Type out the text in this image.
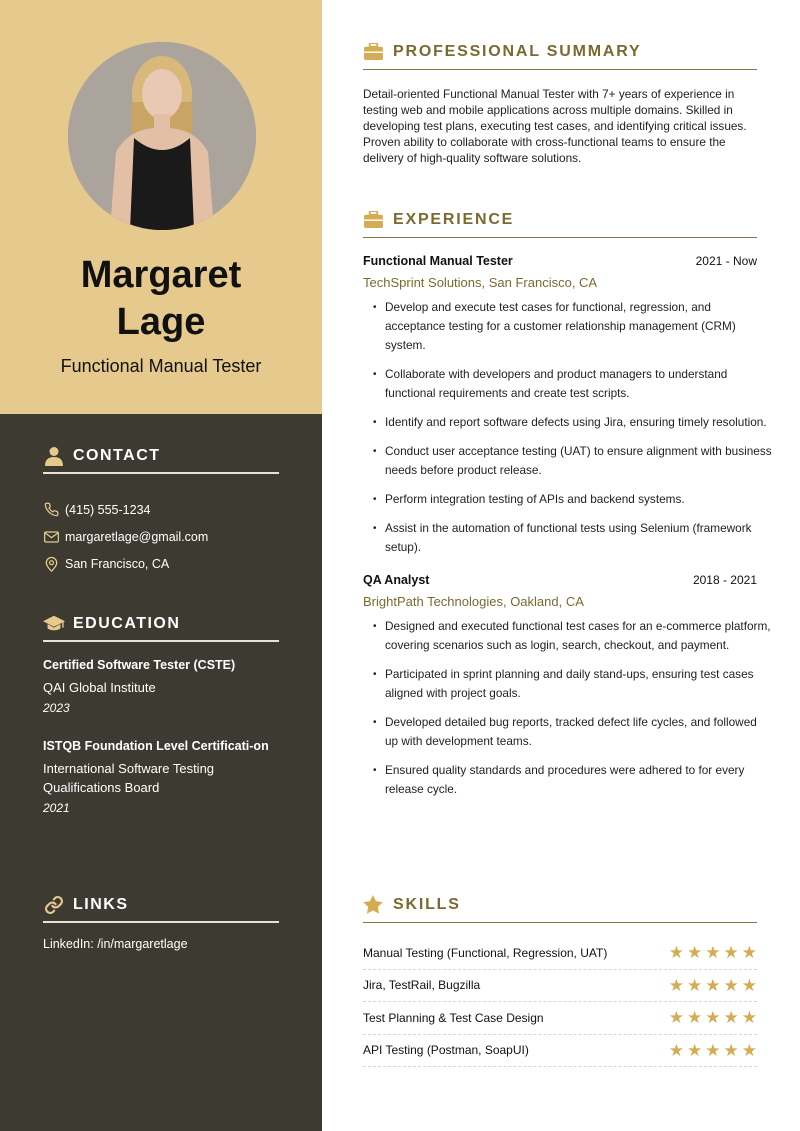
Margaret
Lage
Functional Manual Tester
CONTACT
(415) 555-1234
margaretlage@gmail.com
San Francisco, CA
EDUCATION
Certified Software Tester (CSTE)
QAI Global Institute
2023
ISTQB Foundation Level Certificati-on
International Software Testing Qualifications Board
2021
LINKS
LinkedIn: /in/margaretlage
PROFESSIONAL SUMMARY
Detail-oriented Functional Manual Tester with 7+ years of experience in testing web and mobile applications across multiple domains. Skilled in developing test plans, executing test cases, and identifying critical issues. Proven ability to collaborate with cross-functional teams to ensure the delivery of high-quality software solutions.
EXPERIENCE
Functional Manual Tester	2021 - Now
TechSprint Solutions, San Francisco, CA
• Develop and execute test cases for functional, regression, and acceptance testing for a customer relationship management (CRM) system.
• Collaborate with developers and product managers to understand functional requirements and create test scripts.
• Identify and report software defects using Jira, ensuring timely resolution.
• Conduct user acceptance testing (UAT) to ensure alignment with business needs before product release.
• Perform integration testing of APIs and backend systems.
• Assist in the automation of functional tests using Selenium (framework setup).
QA Analyst	2018 - 2021
BrightPath Technologies, Oakland, CA
• Designed and executed functional test cases for an e-commerce platform, covering scenarios such as login, search, checkout, and payment.
• Participated in sprint planning and daily stand-ups, ensuring test cases aligned with project goals.
• Developed detailed bug reports, tracked defect life cycles, and followed up with development teams.
• Ensured quality standards and procedures were adhered to for every release cycle.
SKILLS
Manual Testing (Functional, Regression, UAT)	★ ★ ★ ★ ★
Jira, TestRail, Bugzilla	★ ★ ★ ★ ★
Test Planning & Test Case Design	★ ★ ★ ★ ★
API Testing (Postman, SoapUI)	★ ★ ★ ★ ★
